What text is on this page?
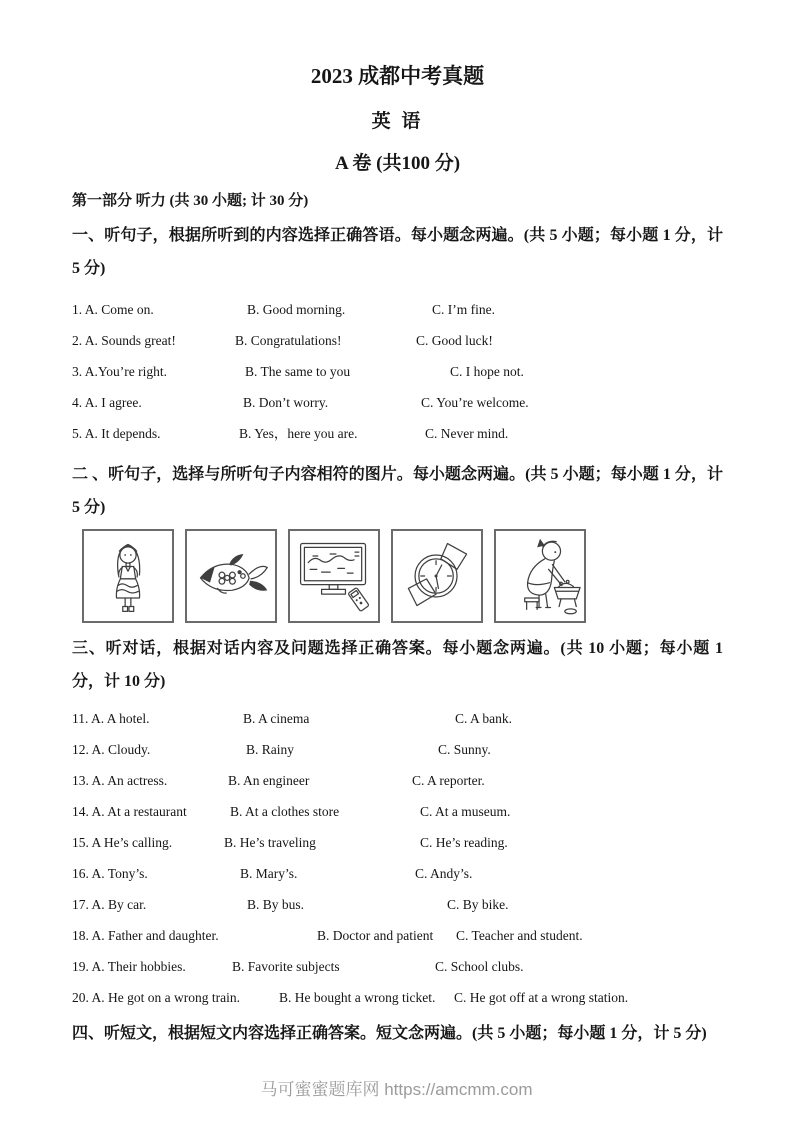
2023 成都中考真题
英 语
A 卷 (共100 分)
第一部分 听力 (共 30 小题; 计 30 分)
一、听句子，根据所听到的内容选择正确答语。每小题念两遍。(共 5 小题；每小题 1 分，计 5 分)
1. A. Come on.	B. Good morning.	C. I’m fine.
2. A. Sounds great!	B. Congratulations!	C. Good luck!
3. A.You’re right.	B. The same to you	C. I hope not.
4. A. I agree.	B. Don’t worry.	C. You’re welcome.
5. A. It depends.	B. Yes，here you are.	C. Never mind.
二 、听句子，选择与所听句子内容相符的图片。每小题念两遍。(共 5 小题；每小题 1 分，计 5 分)
三、听对话，根据对话内容及问题选择正确答案。每小题念两遍。(共 10 小题；每小题 1 分，计 10 分)
11. A. A hotel.	B. A cinema	C. A bank.
12. A. Cloudy.	B. Rainy	C. Sunny.
13. A. An actress.	B. An engineer	C. A reporter.
14. A. At a restaurant	B. At a clothes store	C. At a museum.
15. A He’s calling.	B. He’s traveling	C. He’s reading.
16. A. Tony’s.	B. Mary’s.	C. Andy’s.
17. A. By car.	B. By bus.	C. By bike.
18. A. Father and daughter.	B. Doctor and patient C. Teacher and student.
19. A. Their hobbies.	B. Favorite subjects	C. School clubs.
20. A. He got on a wrong train.	B. He bought a wrong ticket. C. He got off at a wrong station.
四、听短文，根据短文内容选择正确答案。短文念两遍。(共 5 小题；每小题 1 分，计 5 分)
马可蜜蜜题库网 https://amcmm.com
